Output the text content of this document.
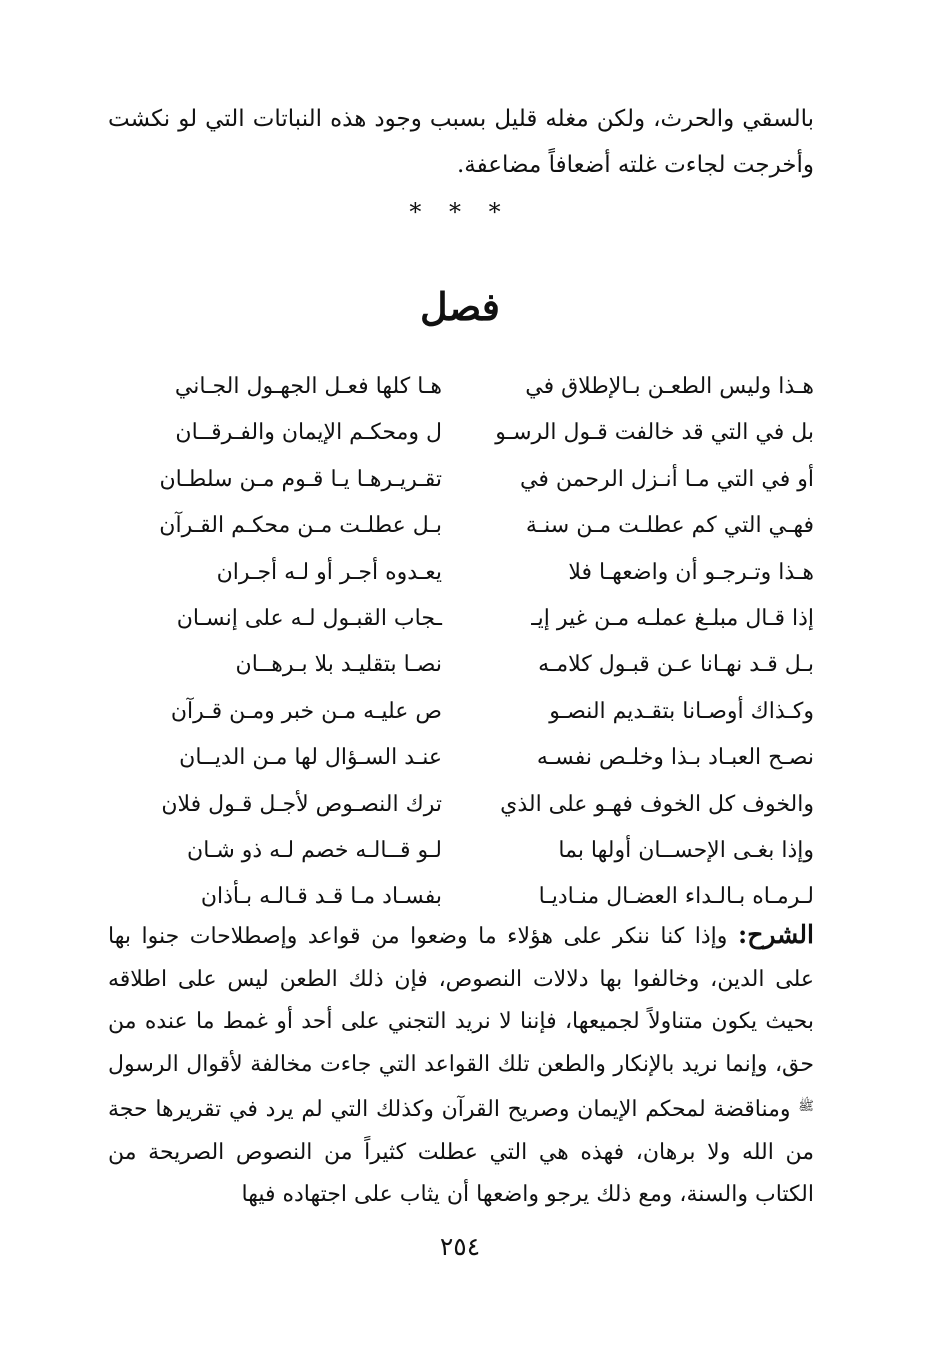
بالسقي والحرث، ولكن مغله قليل بسبب وجود هذه النباتات التي لو نكشت وأخرجت لجاءت غلته أضعافاً مضاعفة.

* * *
فصل
هـذا وليس الطعـن بـالإطلاق في
هـا كلها فعـل الجهـول الجـاني
بل في التي قد خالفت قـول الرسـو
ل ومحكـم الإيمان والفـرقــان
أو في التي مـا أنـزل الرحمن في
تقـريـرهـا يـا قـوم مـن سلطـان
فهـي التي كم عطلـت مـن سنـة
بـل عطلـت مـن محكـم القـرآن
هـذا وتـرجـو أن واضعهـا فلا
يعـدوه أجـر أو لـه أجـران
إذا قـال مبلـغ عملـه مـن غير إيـ
ـجاب القبـول لـه على إنسـان
بـل قـد نهـانا عـن قبـول كلامـه
نصـا بتقليـد بلا بـرهــان
وكـذاك أوصـانا بتقـديم النصـو
ص عليـه مـن خبر ومـن قـرآن
نصـح العبـاد بـذا وخلـص نفسـه
عنـد السـؤال لها مـن الديــان
والخوف كل الخوف فهـو على الذي
ترك النصـوص لأجـل قـول فلان
وإذا بغـى الإحســان أولها بما
لـو قــالـه خصم لـه ذو شـان
لـرمـاه بـالـداء العضـال منـاديـا
بفسـاد مـا قـد قـالـه بـأذان

الشرح: وإذا كنا ننكر على هؤلاء ما وضعوا من قواعد وإصطلاحات جنوا بها على الدين، وخالفوا بها دلالات النصوص، فإن ذلك الطعن ليس على اطلاقه بحيث يكون متناولاً لجميعها، فإننا لا نريد التجني على أحد أو غمط ما عنده من حق، وإنما نريد بالإنكار والطعن تلك القواعد التي جاءت مخالفة لأقوال الرسول $^ﷺ$ ومناقضة لمحكم الإيمان وصريح القرآن وكذلك التي لم يرد في تقريرها حجة من الله ولا برهان، فهذه هي التي عطلت كثيراً من النصوص الصريحة من الكتاب والسنة، ومع ذلك يرجو واضعها أن يثاب على اجتهاده فيها

٢٥٤
